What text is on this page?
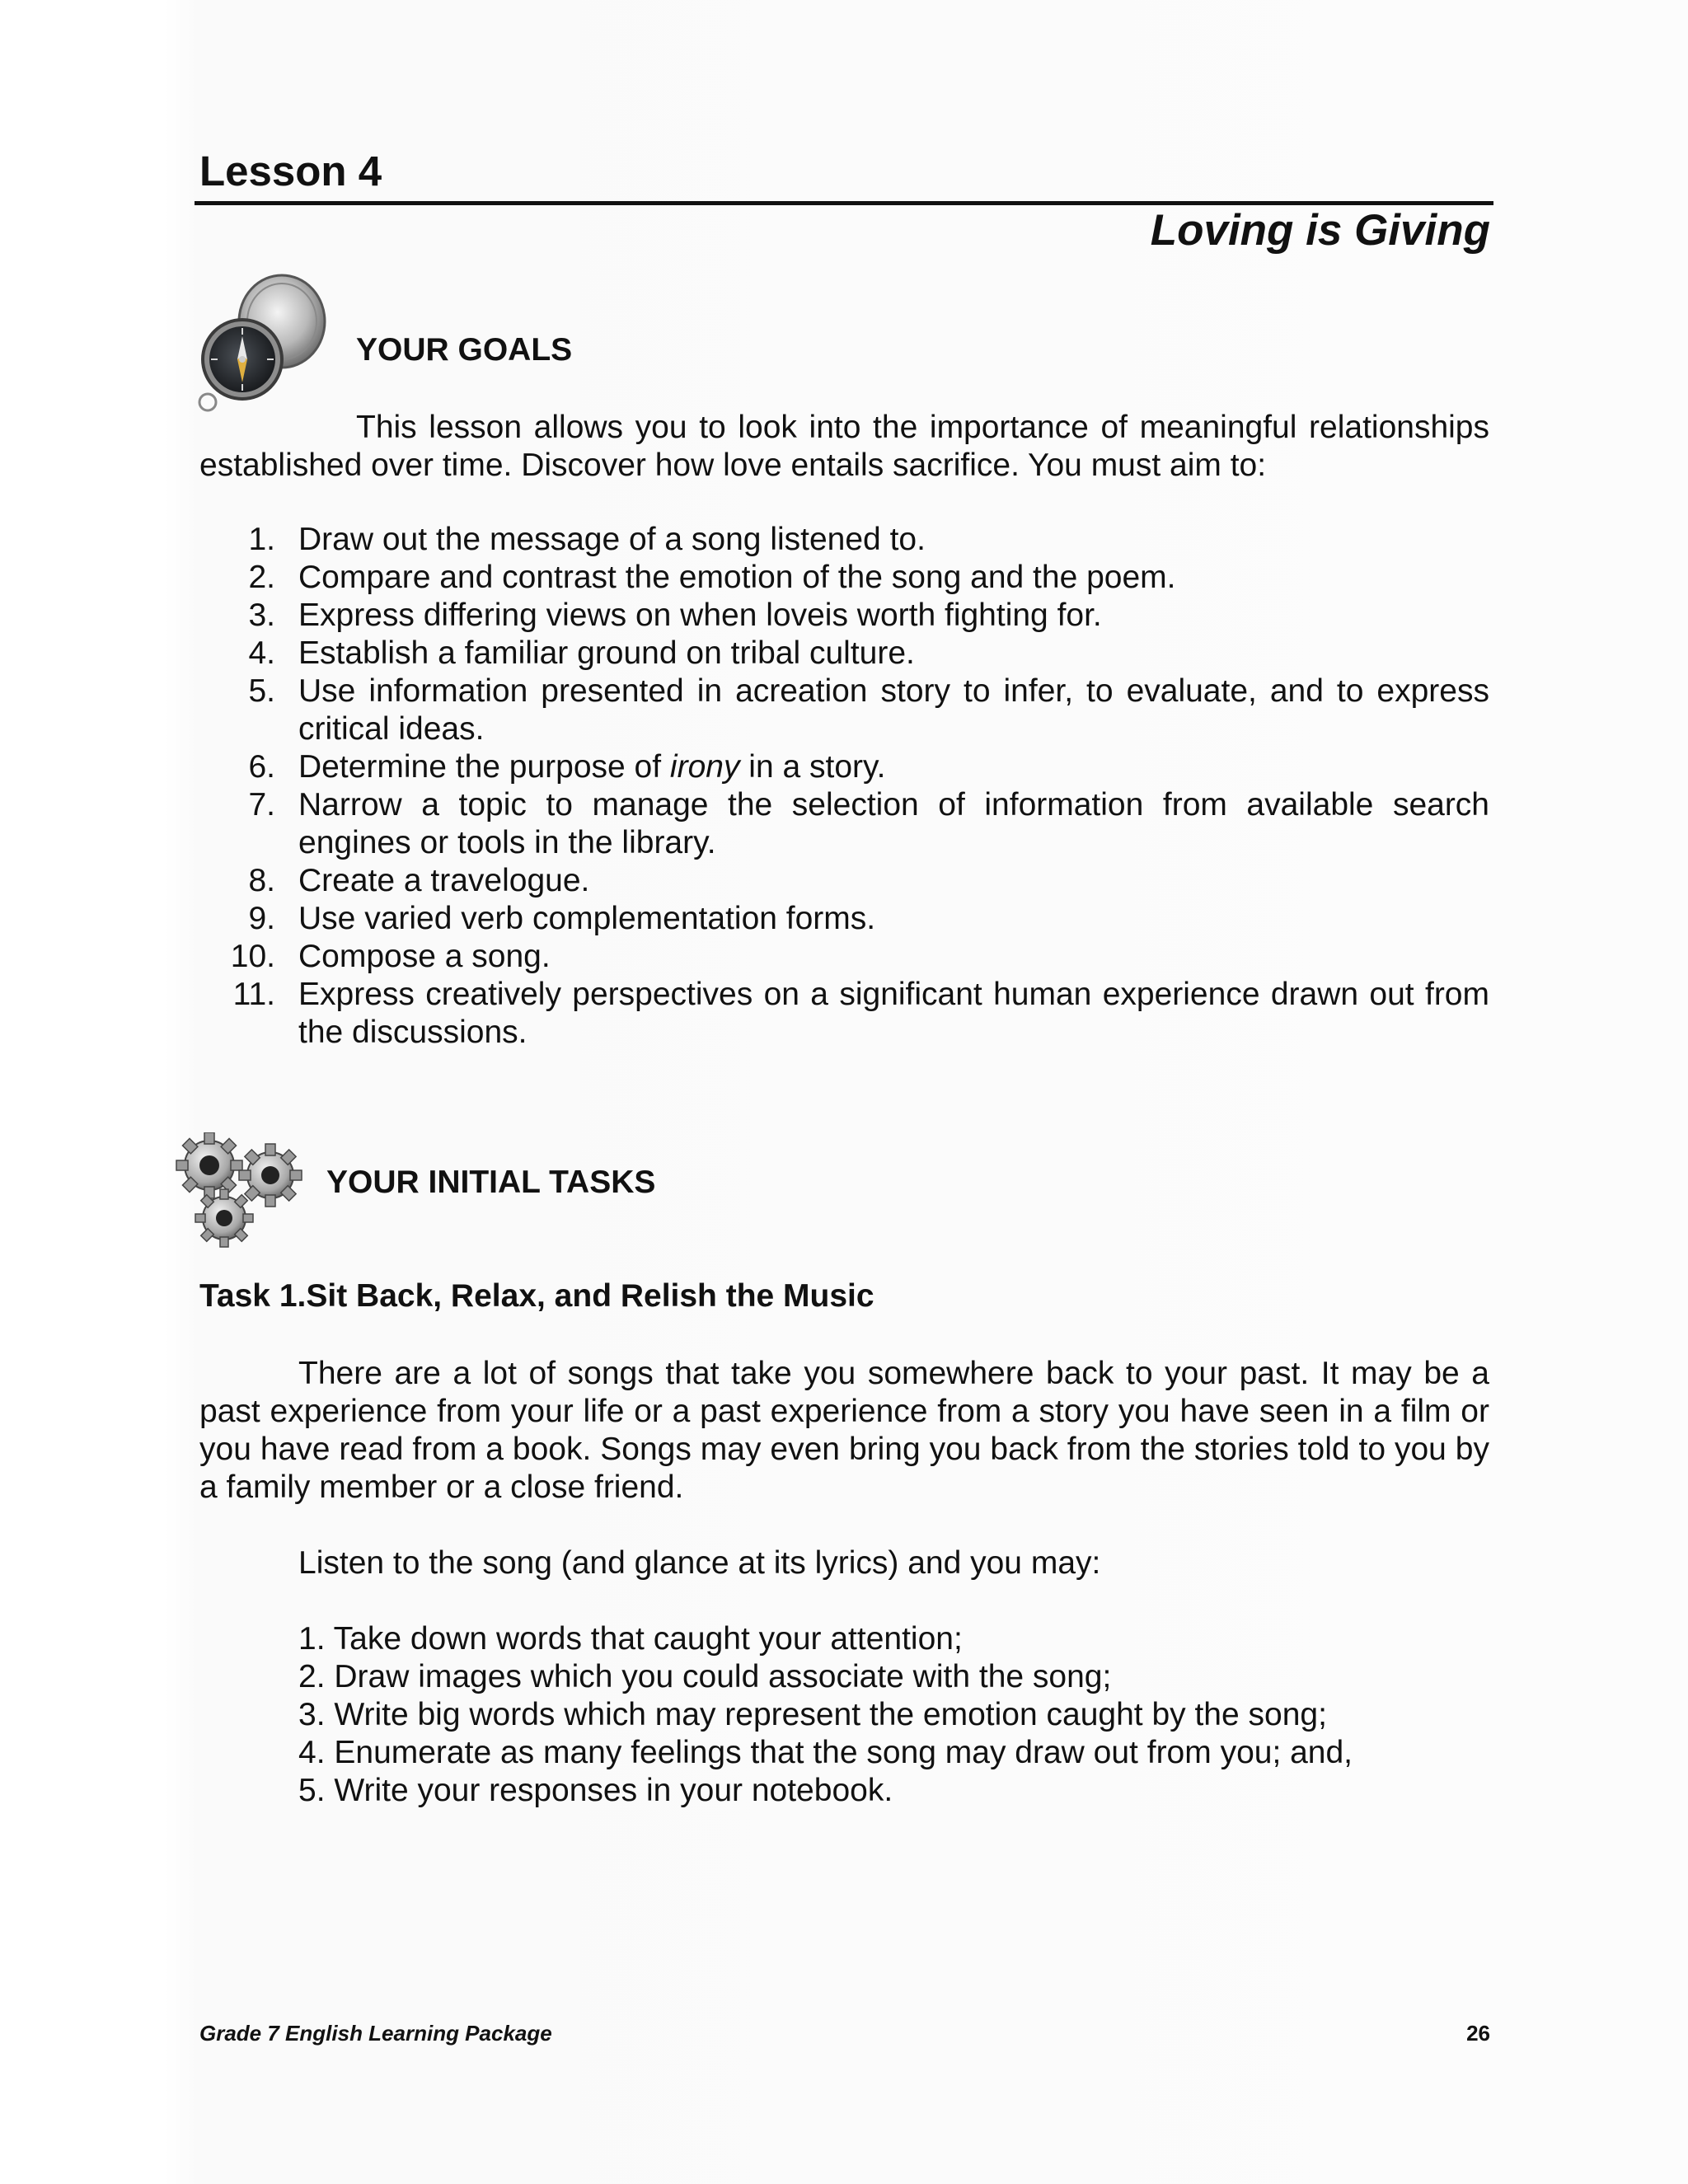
Lesson 4
Loving is Giving
YOUR GOALS
This lesson allows you to look into the importance of meaningful relationships established over time. Discover how love entails sacrifice. You must aim to:
1. Draw out the message of a song listened to.
2. Compare and contrast the emotion of the song and the poem.
3. Express differing views on when loveis worth fighting for.
4. Establish a familiar ground on tribal culture.
5. Use information presented in acreation story to infer, to evaluate, and to express critical ideas.
6. Determine the purpose of irony in a story.
7. Narrow a topic to manage the selection of information from available search engines or tools in the library.
8. Create a travelogue.
9. Use varied verb complementation forms.
10. Compose a song.
11. Express creatively perspectives on a significant human experience drawn out from the discussions.
YOUR INITIAL TASKS
Task 1.Sit Back, Relax, and Relish the Music
There are a lot of songs that take you somewhere back to your past. It may be a past experience from your life or a past experience from a story you have seen in a film or you have read from a book. Songs may even bring you back from the stories told to you by a family member or a close friend.
Listen to the song (and glance at its lyrics) and you may:
1. Take down words that caught your attention;
2. Draw images which you could associate with the song;
3. Write big words which may represent the emotion caught by the song;
4. Enumerate as many feelings that the song may draw out from you; and,
5. Write your responses in your notebook.
Grade 7 English Learning Package	26
